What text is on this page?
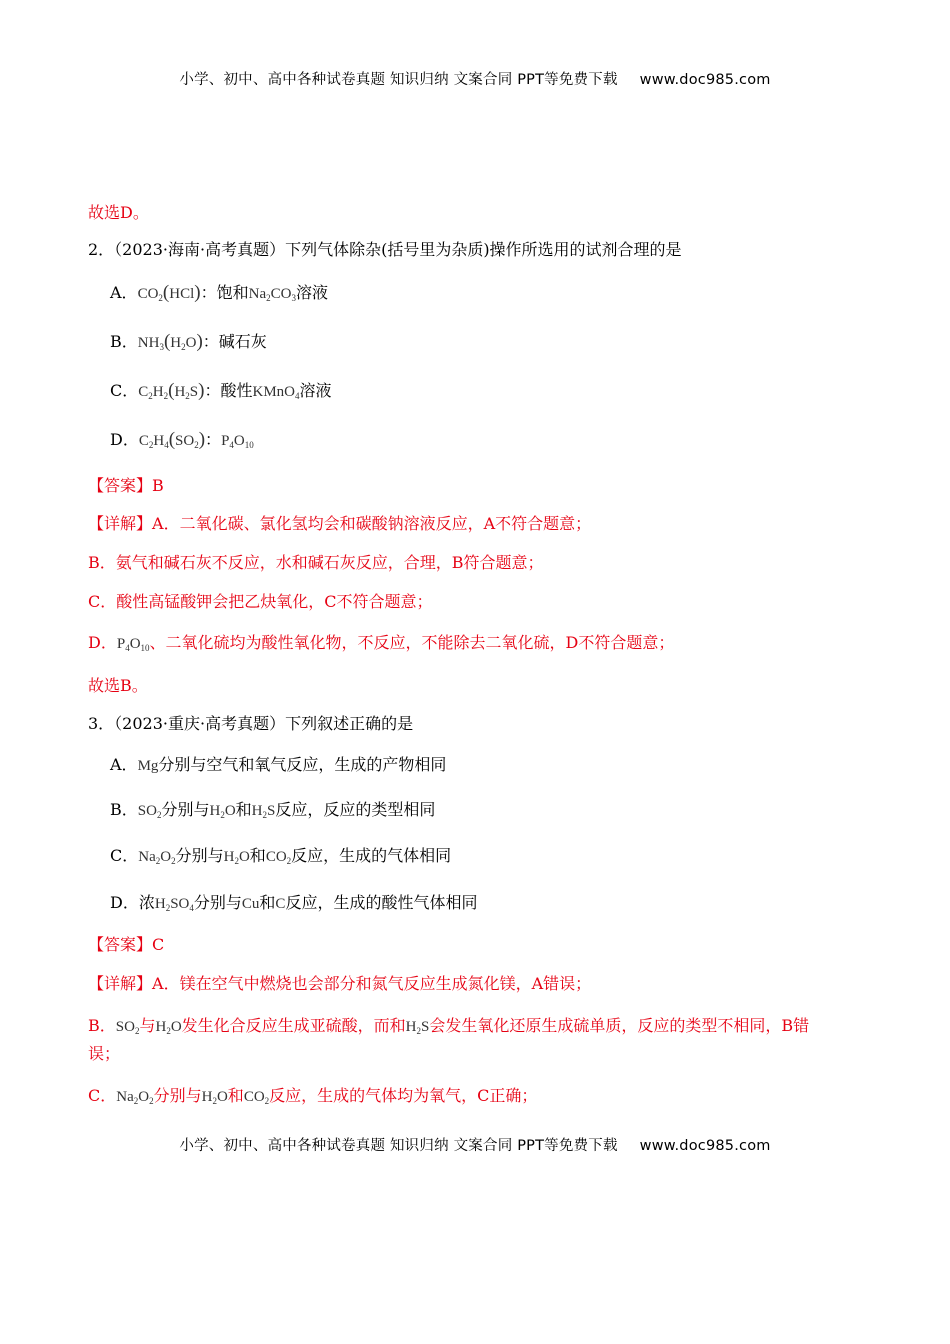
小学、初中、高中各种试卷真题 知识归纳 文案合同 PPT等免费下载 www.doc985.com
故选D。
2．（2023·海南·高考真题）下列气体除杂(括号里为杂质)操作所选用的试剂合理的是
A．$CO_2(HCl)$：饱和$Na_2CO_3$溶液
B．$NH_3(H_2O)$：碱石灰
C．$C_2H_2(H_2S)$：酸性KMnO$_4$溶液
D．$C_2H_4(SO_2)$：$P_4O_{10}$
【答案】B
【详解】A．二氧化碳、氯化氢均会和碳酸钠溶液反应，A不符合题意；
B．氨气和碱石灰不反应，水和碱石灰反应，合理，B符合题意；
C．酸性高锰酸钾会把乙炔氧化，C不符合题意；
D．$P_4O_{10}$、二氧化硫均为酸性氧化物，不反应，不能除去二氧化硫，D不符合题意；
故选B。
3．（2023·重庆·高考真题）下列叙述正确的是
A．Mg分别与空气和氧气反应，生成的产物相同
B．$SO_2$分别与$H_2O$和$H_2S$反应，反应的类型相同
C．$Na_2O_2$分别与$H_2O$和$CO_2$反应，生成的气体相同
D．浓$H_2SO_4$分别与Cu和C反应，生成的酸性气体相同
【答案】C
【详解】A．镁在空气中燃烧也会部分和氮气反应生成氮化镁，A错误；
B．$SO_2$与$H_2O$发生化合反应生成亚硫酸，而和$H_2S$会发生氧化还原生成硫单质，反应的类型不相同，B错
误；
C．$Na_2O_2$分别与$H_2O$和$CO_2$反应，生成的气体均为氧气，C正确；
小学、初中、高中各种试卷真题 知识归纳 文案合同 PPT等免费下载 www.doc985.com
